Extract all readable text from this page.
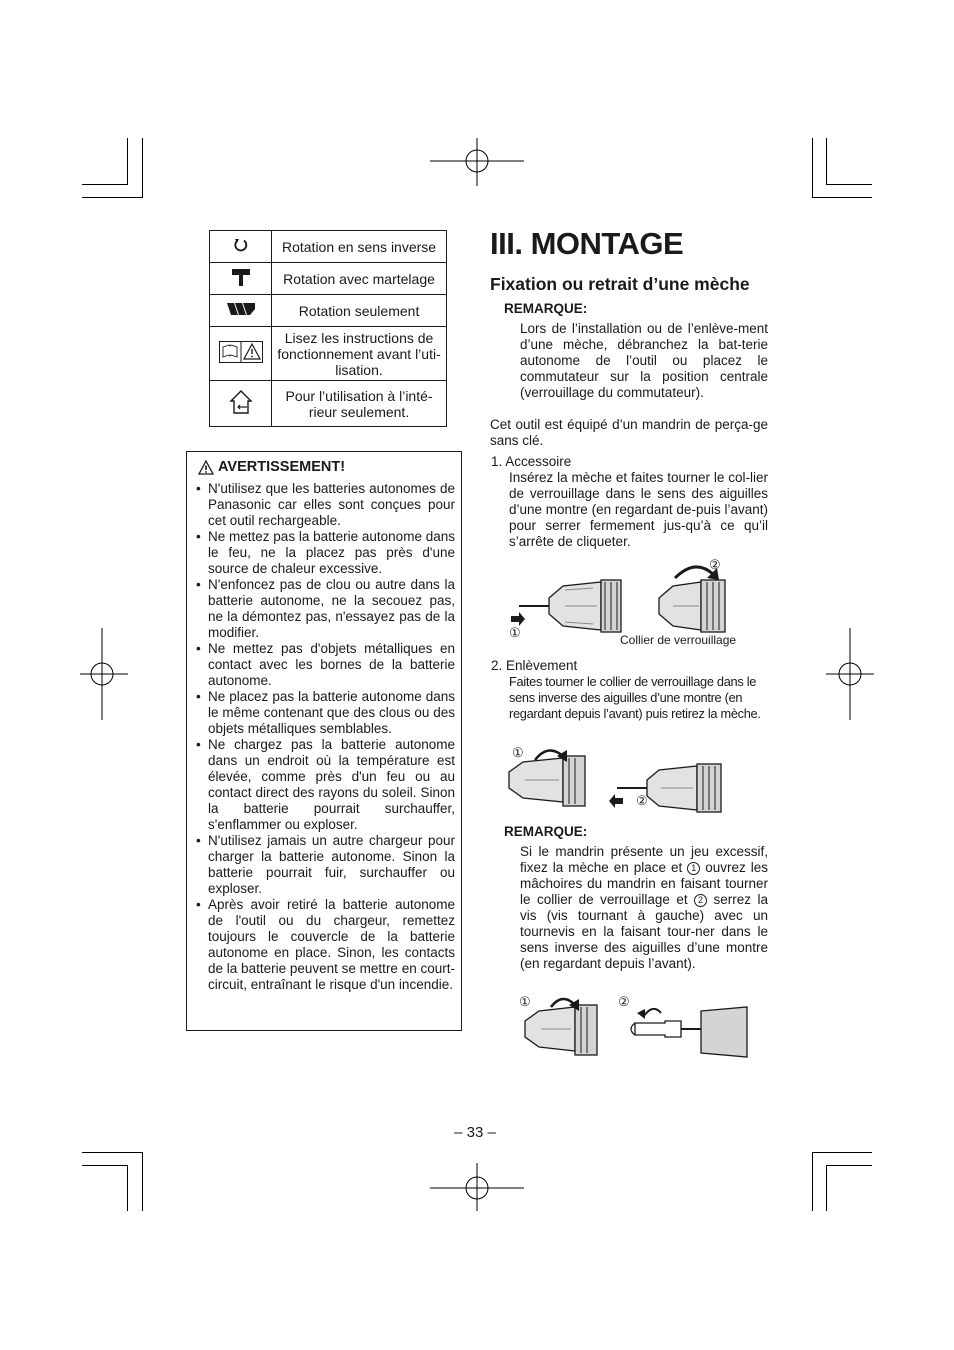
	Rotation en sens inverse
	Rotation avec martelage
	Rotation seulement
	Lisez les instructions de fonctionnement avant l’uti-lisation.
	Pour l’utilisation à l’inté-rieur seulement.
AVERTISSEMENT!
• N'utilisez que les batteries autonomes de Panasonic car elles sont conçues pour cet outil rechargeable.
• Ne mettez pas la batterie autonome dans le feu, ne la placez pas près d'une source de chaleur excessive.
• N'enfoncez pas de clou ou autre dans la batterie autonome, ne la secouez pas, ne la démontez pas, n'essayez pas de la modifier.
• Ne mettez pas d'objets métalliques en contact avec les bornes de la batterie autonome.
• Ne placez pas la batterie autonome dans le même contenant que des clous ou des objets métalliques semblables.
• Ne chargez pas la batterie autonome dans un endroit où la température est élevée, comme près d'un feu ou au contact direct des rayons du soleil. Sinon la batterie pourrait surchauffer, s'enflammer ou exploser.
• N'utilisez jamais un autre chargeur pour charger la batterie autonome. Sinon la batterie pourrait fuir, surchauffer ou exploser.
• Après avoir retiré la batterie autonome de l'outil ou du chargeur, remettez toujours le couvercle de la batterie autonome en place. Sinon, les contacts de la batterie peuvent se mettre en court-circuit, entraînant le risque d'un incendie.
III. MONTAGE
Fixation ou retrait d’une mèche
REMARQUE:
Lors de l’installation ou de l’enlève-ment d’une mèche, débranchez la bat-terie autonome de l’outil ou placez le commutateur sur la position centrale (verrouillage du commutateur).
Cet outil est équipé d’un mandrin de perça-ge sans clé.
1. Accessoire
Insérez la mèche et faites tourner le col-lier de verrouillage dans le sens des aiguilles d’une montre (en regardant de-puis l’avant) pour serrer fermement jus-qu’à ce qu’il s’arrête de cliqueter.
①
②
Collier de verrouillage
2. Enlèvement
Faites tourner le collier de verrouillage dans le sens inverse des aiguilles d’une montre (en regardant depuis l’avant) puis retirez la mèche.
①
②
REMARQUE:
Si le mandrin présente un jeu excessif, fixez la mèche en place et 1 ouvrez les mâchoires du mandrin en faisant tourner le collier de verrouillage et 2 serrez la vis (vis tournant à gauche) avec un tournevis en la faisant tour-ner dans le sens inverse des aiguilles d’une montre (en regardant depuis l’avant).
①	②
– 33 –
